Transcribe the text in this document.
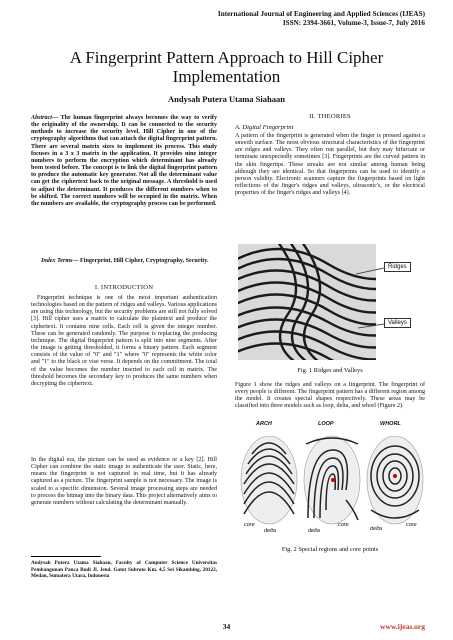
International Journal of Engineering and Applied Sciences (IJEAS)
ISSN: 2394-3661, Volume-3, Issue-7, July 2016
A Fingerprint Pattern Approach to Hill Cipher
Implementation
Andysah Putera Utama Siahaan

Abstract— The human fingerprint always becomes the way to verify the originality of the ownership. It can be connected to the security methods to increase the security level. Hill Cipher in one of the cryptography algorithms that can attach the digital fingerprint pattern. There are several matrix sizes to implement its process. This study focuses in a 3 x 3 matrix in the application. It provides nine integer numbers to perform the encryption which determinant has already been tested before. The concept is to link the digital fingerprint pattern to produce the automatic key generator. Not all the determinant value can get the ciphertext back to the original message. A threshold is used to adjust the determinant. It produces the different numbers when to be shifted. The correct numbers will be occupied in the matrix. When the numbers are available, the cryptography process can be performed.

Index Terms— Fingerprint, Hill Cipher, Cryptography, Security.

I. INTRODUCTION

Fingerprint technique is one of the most important authentication technologies based on the pattern of ridges and valleys. Various applications are using this technology, but the security problems are still not fully solved [3]. Hill cipher uses a matrix to calculate the plaintext and produce the ciphertext. It contains nine cells. Each cell is given the integer number. These can be generated randomly. The purpose is replacing the producing technique. The digital fingerprint pattern is split into nine segments. After the image is getting thresholded, it forms a binary pattern. Each segment consists of the value of "0" and "1" where "0" represents the white color and "1" to the black or vise verse. It depends on the commitment. The total of the value becomes the number inserted to each cell in matrix. The threshold becomes the secondary key to produces the same numbers when decrypting the ciphertext.

In the digital era, the picture can be used as evidence or a key [2]. Hill Cipher can combine the static image to authenticate the user. Static, here, means the fingerprint is not captured in real time, but it has already captured as a picture. The fingerprint sample is not necessary. The image is scaled to a specific dimension. Several image processing steps are needed to process the bitmap into the binary data. This project alternatively aims to generate numbers without calculating the determinant manually.

Andysah Putera Utama Siahaan, Faculty of Computer Science Universitas Pembangunan Panca Budi Jl. Jend. Gatot Subroto Km. 4,5 Sei Sikambing, 20122, Medan, Sumatera Utara, Indonesia
II. THEORIES
A. Digital Fingerprint

A pattern of the fingerprint is generated when the finger is pressed against a smooth surface. The most obvious structural characteristics of the fingerprint are ridges and valleys. They often run parallel, but they may bifurcate or terminate unexpectedly sometimes [3]. Fingerprints are the curved pattern in the skin fingertips. These streaks are not similar among human being although they are identical. So that fingerprints can be used to identify a person validity. Electronic scanners capture the fingerprints based on light reflections of the finger's ridges and valleys, ultrasonic's, or the electrical properties of the finger's ridges and valleys [4].

Ridges
Valleys
Fig. 1 Ridges and Valleys

Figure 1 show the ridges and valleys on a fingerprint. The fingerprint of every people is different. The fingerprint pattern has a different region among the model. It creates special shapes respectively. These areas may be classified into three models such as loop, delta, and whorl (Figure 2).

ARCH	LOOP	WHORL
core
delta	delta
core
delta
core
Fig. 2 Special regions and core points
34	www.ijeas.org
